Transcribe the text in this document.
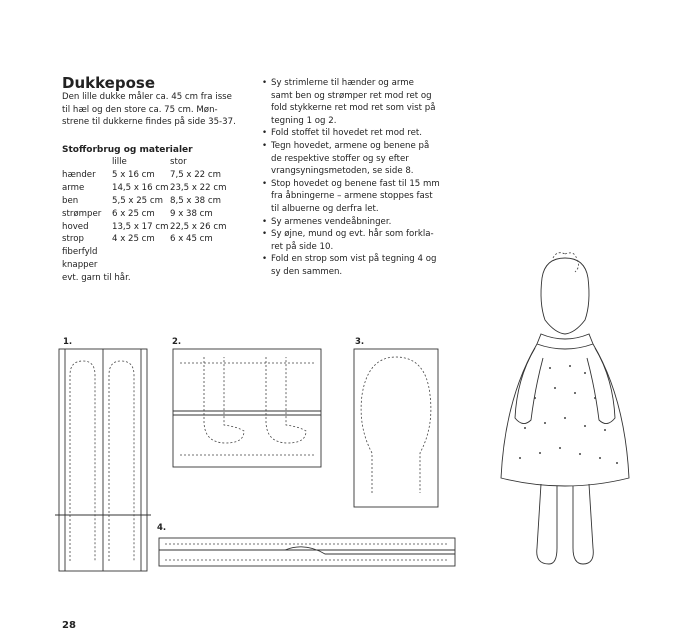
Dukkepose
Den lille dukke måler ca. 45 cm fra isse
til hæl og den store ca. 75 cm. Møn-
strene til dukkerne findes på side 35-37.
Stofforbrug og materialer
	lille	stor
hænder	5 x 16 cm	7,5 x 22 cm
arme	14,5 x 16 cm	23,5 x 22 cm
ben	5,5 x 25 cm	8,5 x 38 cm
strømper	6 x 25 cm	9 x 38 cm
hoved	13,5 x 17 cm	22,5 x 26 cm
strop	4 x 25 cm	6 x 45 cm
fiberfyld		
knapper		
evt. garn til hår.		
• Sy strimlerne til hænder og arme
samt ben og strømper ret mod ret og
fold stykkerne ret mod ret som vist på
tegning 1 og 2.
• Fold stoffet til hovedet ret mod ret.
• Tegn hovedet, armene og benene på
de respektive stoffer og sy efter
vrangsyningsmetoden, se side 8.
• Stop hovedet og benene fast til 15 mm
fra åbningerne – armene stoppes fast
til albuerne og derfra let.
• Sy armenes vendeåbninger.
• Sy øjne, mund og evt. hår som forkla-
ret på side 10.
• Fold en strop som vist på tegning 4 og
sy den sammen.
1.	2.	3.
4.
28
